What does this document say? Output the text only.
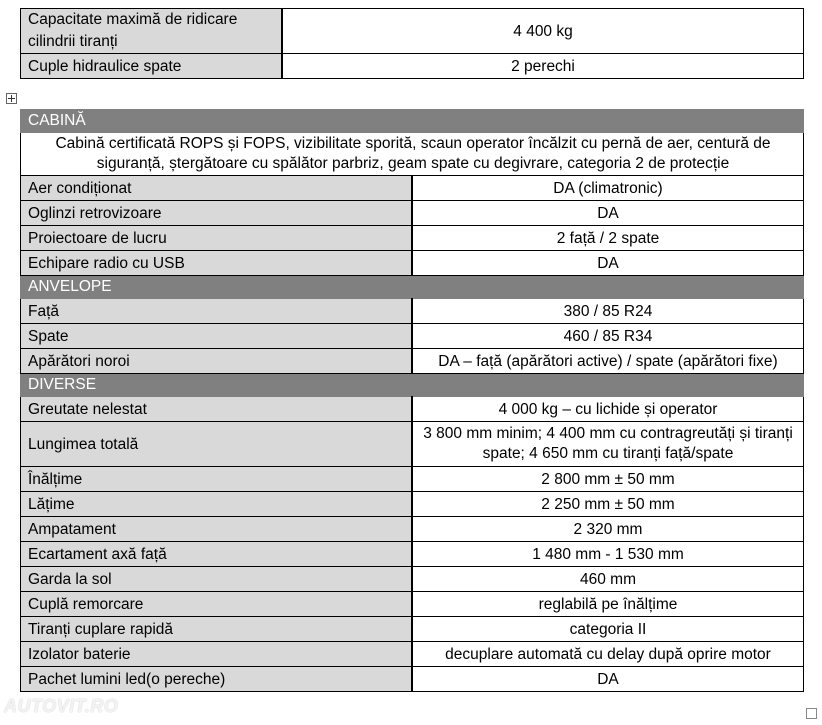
Capacitate maximă de ridicare cilindrii tiranți	4 400 kg
Cuple hidraulice spate	2 perechi
CABINĂ	

Cabină certificată ROPS și FOPS, vizibilitate sporită, scaun operator încălzit cu pernă de aer, centură de siguranță, ștergătoare cu spălător parbriz, geam spate cu degivrare, categoria 2 de protecție	

Aer condiționat	DA (climatronic)
Oglinzi retrovizoare	DA
Proiectoare de lucru	2 față / 2 spate
Echipare radio cu USB	DA
ANVELOPE	
Față	380 / 85 R24
Spate	460 / 85 R34
Apărători noroi	DA – față (apărători active) / spate (apărători fixe)
DIVERSE	
Greutate nelestat	4 000 kg – cu lichide și operator
Lungimea totală	3 800 mm minim; 4 400 mm cu contragreutăți și tiranți spate; 4 650 mm cu tiranți față/spate
Înălțime	2 800 mm ± 50 mm
Lățime	2 250 mm ± 50 mm
Ampatament	2 320 mm
Ecartament axă față	1 480 mm - 1 530 mm
Garda la sol	460 mm
Cuplă remorcare	reglabilă pe înălțime
Tiranți cuplare rapidă	categoria II
Izolator baterie	decuplare automată cu delay după oprire motor
Pachet lumini led(o pereche)	DA
AUTOVIT.RO
